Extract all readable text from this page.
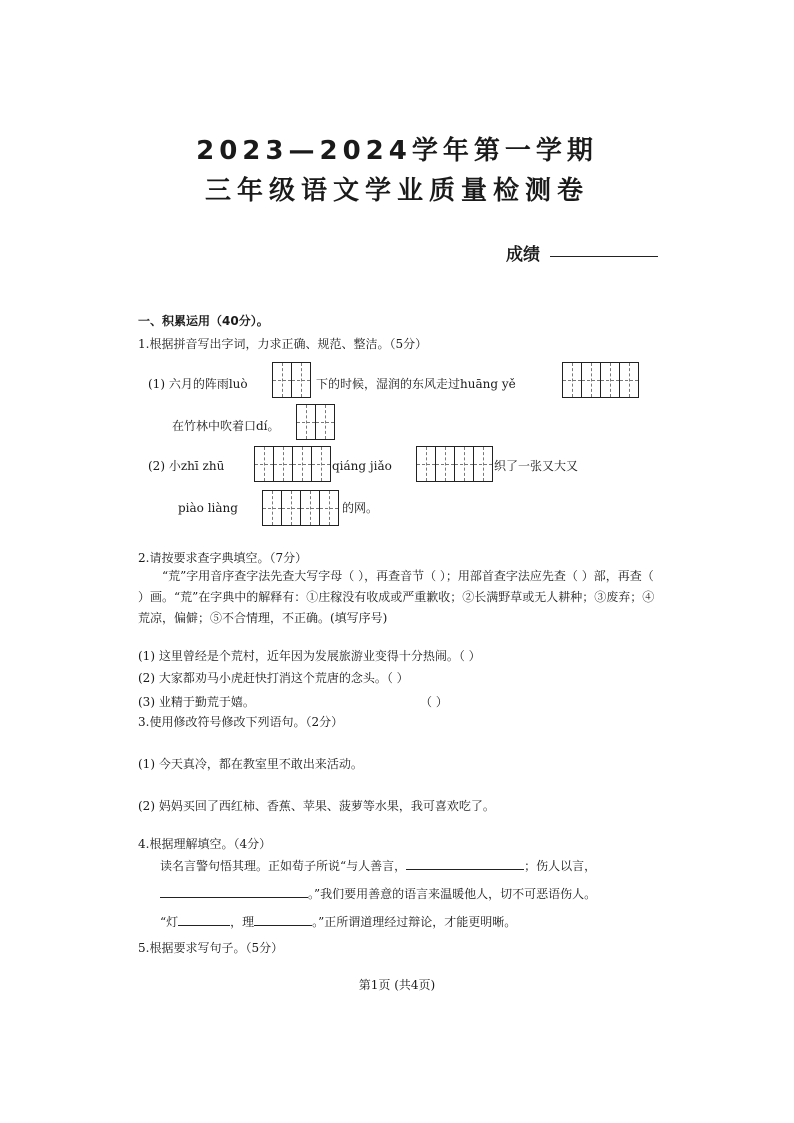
2023—2024学年第一学期
三年级语文学业质量检测卷
成绩
一、积累运用（40分）。
1.根据拼音写出字词，力求正确、规范、整洁。（5分）
(1) 六月的阵雨luò	下的时候，湿润的东风走过huāng yě
在竹林中吹着口dí。
(2) 小zhī zhū	qiáng jiǎo	织了一张又大又
piào liàng	的网。
2.请按要求查字典填空。（7分）
“荒”字用音序查字法先查大写字母（ ），再查音节（ ）；用部首查字法应先查（ ）部，再查（ ）画。“荒”在字典中的解释有：①庄稼没有收成或严重歉收；②长满野草或无人耕种；③废弃；④荒凉，偏僻；⑤不合情理，不正确。(填写序号)
(1) 这里曾经是个荒村，近年因为发展旅游业变得十分热闹。（ ）
(2) 大家都劝马小虎赶快打消这个荒唐的念头。（ ）
(3) 业精于勤荒于嬉。	（ ）
3.使用修改符号修改下列语句。（2分）
(1) 今天真冷，都在教室里不敢出来活动。
(2) 妈妈买回了西红柿、香蕉、苹果、菠萝等水果，我可喜欢吃了。
4.根据理解填空。（4分）
读名言警句悟其理。正如荀子所说“与人善言，	；伤人以言，
。”我们要用善意的语言来温暖他人，切不可恶语伤人。
“灯	，理	。”正所谓道理经过辩论，才能更明晰。
5.根据要求写句子。（5分）
第1页 (共4页)
